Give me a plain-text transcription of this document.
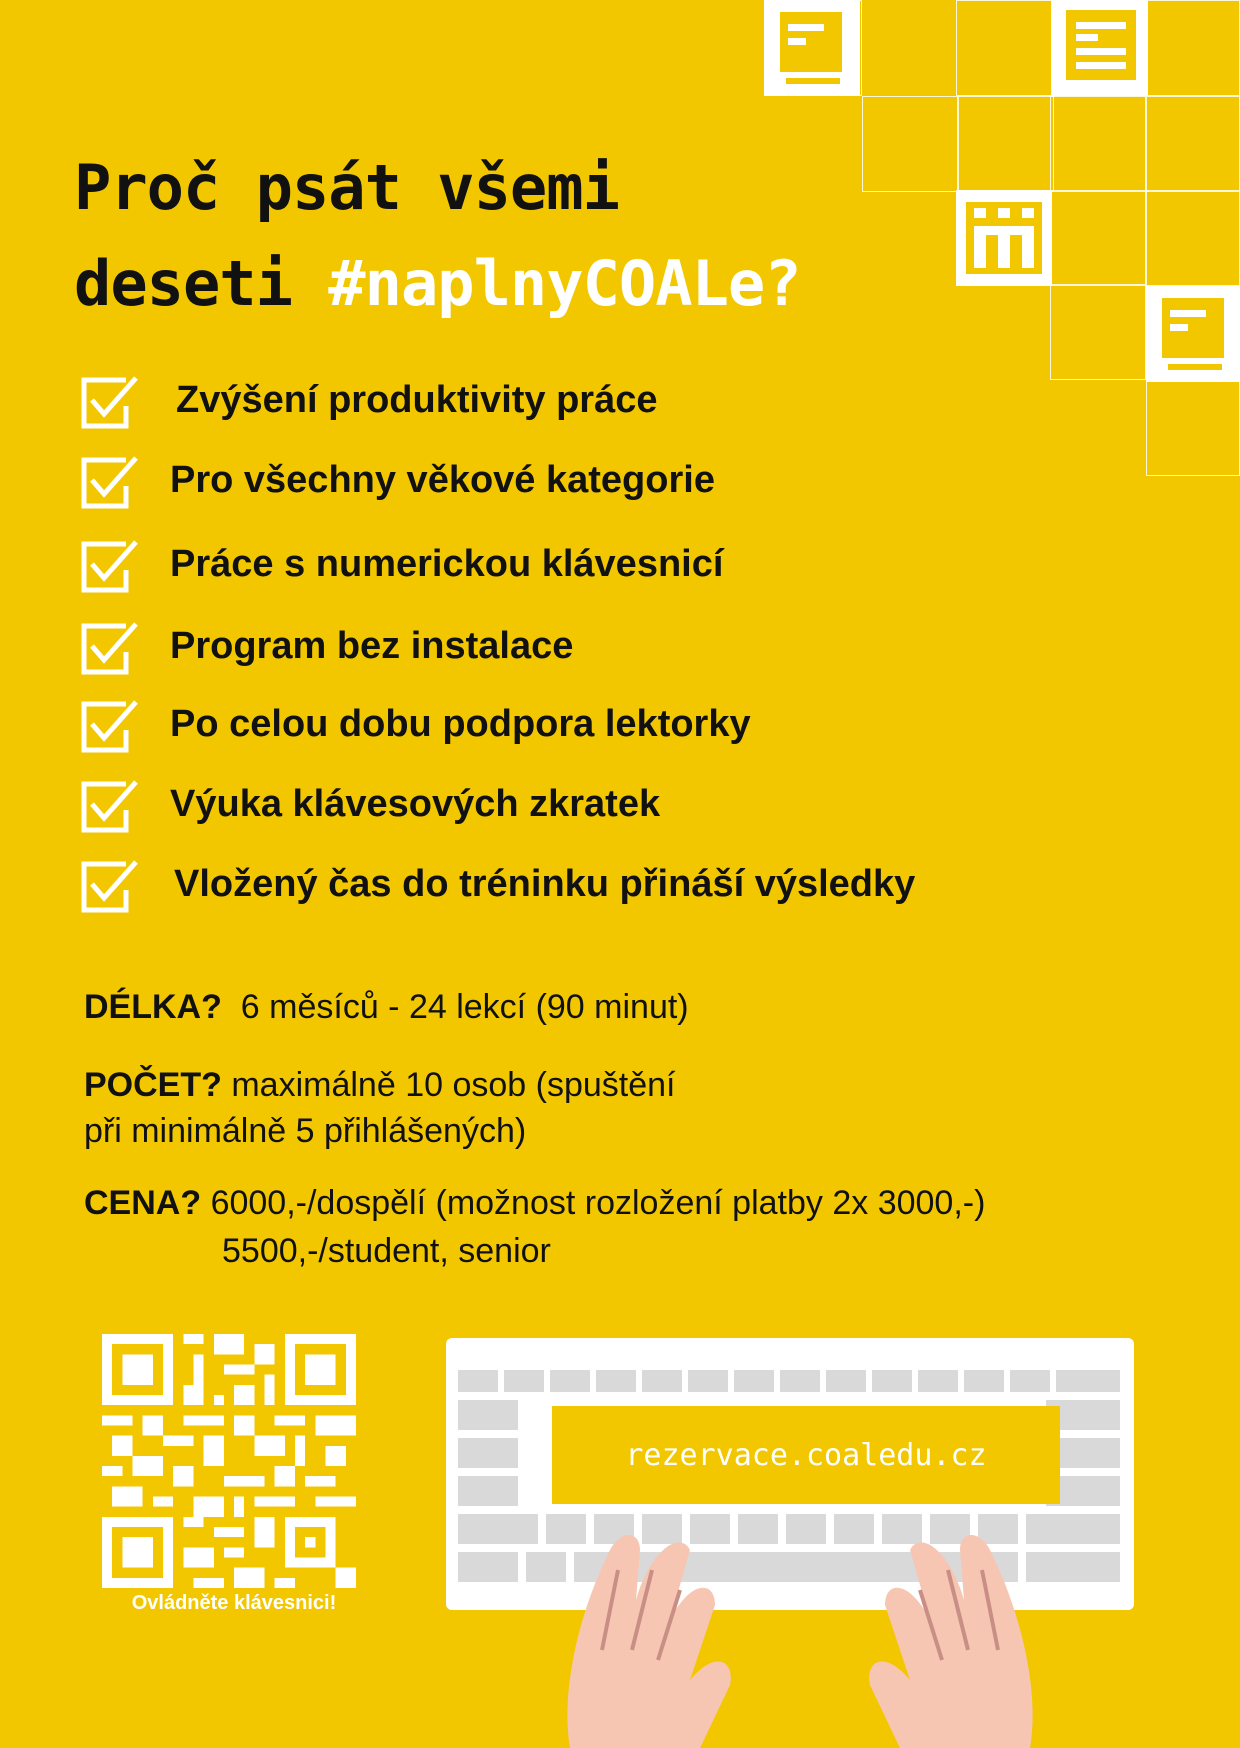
Proč psát všemi
deseti #naplnyCOALe?
Zvýšení produktivity práce
Pro všechny věkové kategorie
Práce s numerickou klávesnicí
Program bez instalace
Po celou dobu podpora lektorky
Výuka klávesových zkratek
Vložený čas do tréninku přináší výsledky
DÉLKA? 6 měsíců - 24 lekcí (90 minut)
POČET? maximálně 10 osob (spuštění
při minimálně 5 přihlášených)
CENA? 6000,-/dospělí (možnost rozložení platby 2x 3000,-)
5500,-/student, senior
Ovládněte klávesnici!
rezervace.coaledu.cz
